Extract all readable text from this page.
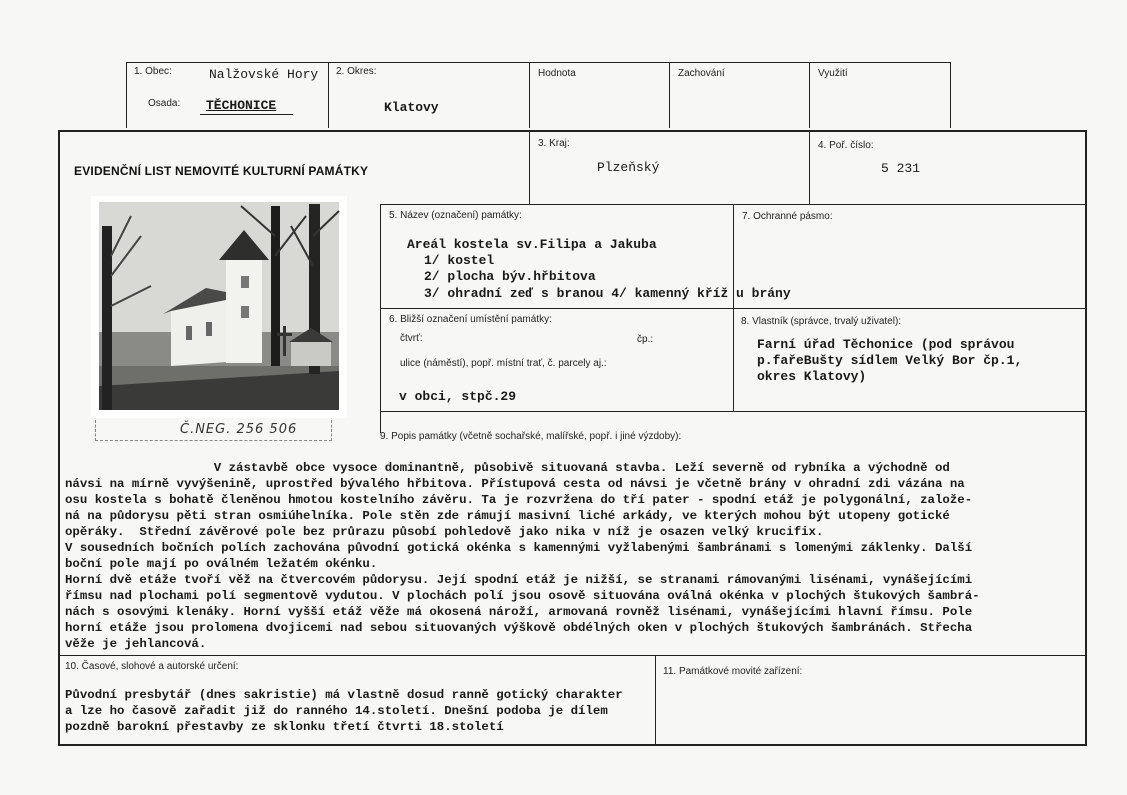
1. Obec:	Nalžovské Hory
Osada: TĚCHONICE
2. Okres:
Klatovy
Hodnota	Zachování	Využití
EVIDENČNÍ LIST NEMOVITÉ KULTURNÍ PAMÁTKY
3. Kraj:
Plzeňský
4. Poř. číslo:
5 231
Č.NEG. 256 506
5. Název (označení) památky:
Areál kostela sv.Filipa a Jakuba
1/ kostel
2/ plocha býv.hřbitova
3/ ohradní zeď s branou 4/ kamenný kříž u brány
7. Ochranné pásmo:
6. Bližší označení umístění památky:
čtvrť:	čp.:
ulice (náměstí), popř. místní trať, č. parcely aj.:
v obci, stpč.29
8. Vlastník (správce, trvalý uživatel):
Farní úřad Těchonice (pod správou
p.fařeBušty sídlem Velký Bor čp.1,
okres Klatovy)
9. Popis památky (včetně sochařské, malířské, popř. i jiné výzdoby):
V zástavbě obce vysoce dominantně, působivě situovaná stavba. Leží severně od rybníka a východně od
návsi na mírně vyvýšenině, uprostřed bývalého hřbitova. Přístupová cesta od návsi je včetně brány v ohradní zdi vázána na
osu kostela s bohatě členěnou hmotou kostelního závěru. Ta je rozvržena do tří pater - spodní etáž je polygonální, založe-
ná na půdorysu pěti stran osmiúhelníka. Pole stěn zde rámují masivní liché arkády, ve kterých mohou být utopeny gotické
opěráky.  Střední závěrové pole bez průrazu působí pohledově jako nika v níž je osazen velký krucifix.
V sousedních bočních polích zachována původní gotická okénka s kamennými vyžlabenými šambránami s lomenými záklenky. Další
boční pole mají po oválném ležatém okénku.
Horní dvě etáže tvoří věž na čtvercovém půdorysu. Její spodní etáž je nižší, se stranami rámovanými lisénami, vynášejícími
římsu nad plochami polí segmentově vydutou. V plochách polí jsou osově situována oválná okénka v plochých štukových šambrá-
nách s osovými klenáky. Horní vyšší etáž věže má okosená nároží, armovaná rovněž lisénami, vynášejícími hlavní římsu. Pole
horní etáže jsou prolomena dvojicemi nad sebou situovaných výškově obdélných oken v plochých štukových šambránách. Střecha
věže je jehlancová.
10. Časové, slohové a autorské určení:
Původní presbytář (dnes sakristie) má vlastně dosud ranně gotický charakter
a lze ho časově zařadit již do ranného 14.století. Dnešní podoba je dílem
pozdně barokní přestavby ze sklonku třetí čtvrti 18.století
11. Památkové movité zařízení:
